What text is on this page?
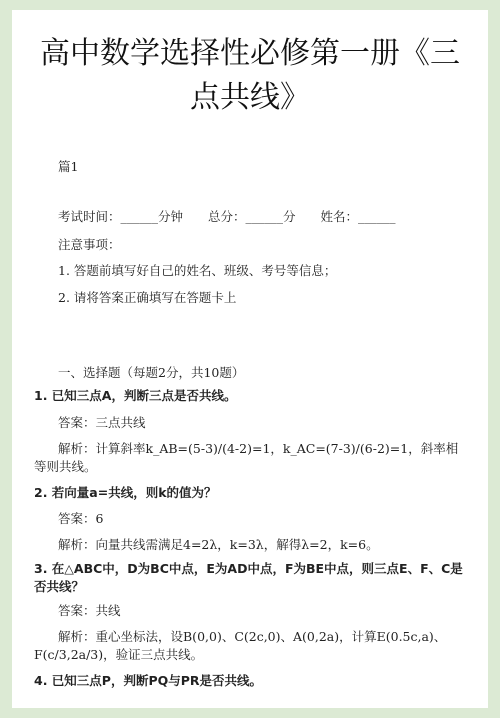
高中数学选择性必修第一册《三点共线》
篇1
考试时间：______分钟　　总分：______分　　姓名：______
注意事项：
1. 答题前填写好自己的姓名、班级、考号等信息；
2. 请将答案正确填写在答题卡上
一、选择题（每题2分，共10题）
1. 已知三点A，判断三点是否共线。
答案：三点共线
解析：计算斜率k_AB=(5-3)/(4-2)=1，k_AC=(7-3)/(6-2)=1，斜率相等则共线。
2. 若向量a=共线，则k的值为？
答案：6
解析：向量共线需满足4=2λ，k=3λ，解得λ=2，k=6。
3. 在△ABC中，D为BC中点，E为AD中点，F为BE中点，则三点E、F、C是否共线？
答案：共线
解析：重心坐标法，设B(0,0)、C(2c,0)、A(0,2a)，计算E(0.5c,a)、F(c/3,2a/3)，验证三点共线。
4. 已知三点P，判断PQ与PR是否共线。
